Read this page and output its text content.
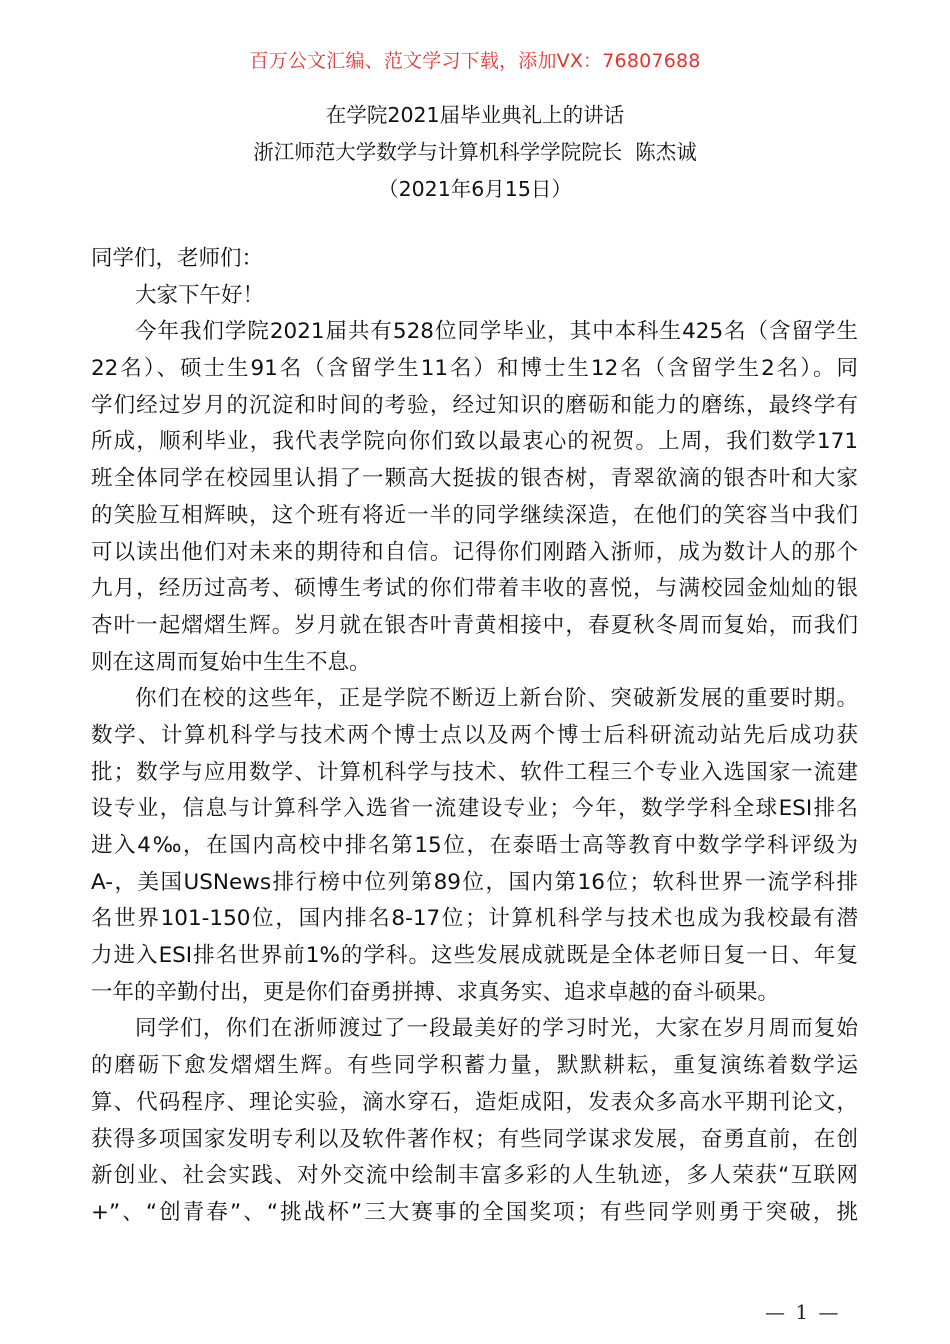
百万公文汇编、范文学习下载，添加VX：76807688
在学院2021届毕业典礼上的讲话
浙江师范大学数学与计算机科学学院院长  陈杰诚
（2021年6月15日）
同学们，老师们：
大家下午好！
今年我们学院2021届共有528位同学毕业，其中本科生425名（含留学生
22名）、硕士生91名（含留学生11名）和博士生12名（含留学生2名）。同
学们经过岁月的沉淀和时间的考验，经过知识的磨砺和能力的磨练，最终学有
所成，顺利毕业，我代表学院向你们致以最衷心的祝贺。上周，我们数学171
班全体同学在校园里认捐了一颗高大挺拔的银杏树，青翠欲滴的银杏叶和大家
的笑脸互相辉映，这个班有将近一半的同学继续深造，在他们的笑容当中我们
可以读出他们对未来的期待和自信。记得你们刚踏入浙师，成为数计人的那个
九月，经历过高考、硕博生考试的你们带着丰收的喜悦，与满校园金灿灿的银
杏叶一起熠熠生辉。岁月就在银杏叶青黄相接中，春夏秋冬周而复始，而我们
则在这周而复始中生生不息。
你们在校的这些年，正是学院不断迈上新台阶、突破新发展的重要时期。
数学、计算机科学与技术两个博士点以及两个博士后科研流动站先后成功获
批；数学与应用数学、计算机科学与技术、软件工程三个专业入选国家一流建
设专业，信息与计算科学入选省一流建设专业；今年，数学学科全球ESI排名
进入4‰，在国内高校中排名第15位，在泰晤士高等教育中数学学科评级为
A-，美国USNews排行榜中位列第89位，国内第16位；软科世界一流学科排
名世界101-150位，国内排名8-17位；计算机科学与技术也成为我校最有潜
力进入ESI排名世界前1%的学科。这些发展成就既是全体老师日复一日、年复
一年的辛勤付出，更是你们奋勇拼搏、求真务实、追求卓越的奋斗硕果。
同学们，你们在浙师渡过了一段最美好的学习时光，大家在岁月周而复始
的磨砺下愈发熠熠生辉。有些同学积蓄力量，默默耕耘，重复演练着数学运
算、代码程序、理论实验，滴水穿石，造炬成阳，发表众多高水平期刊论文，
获得多项国家发明专利以及软件著作权；有些同学谋求发展，奋勇直前，在创
新创业、社会实践、对外交流中绘制丰富多彩的人生轨迹，多人荣获“互联网
+”、“创青春”、“挑战杯”三大赛事的全国奖项；有些同学则勇于突破，挑
— 1 —
